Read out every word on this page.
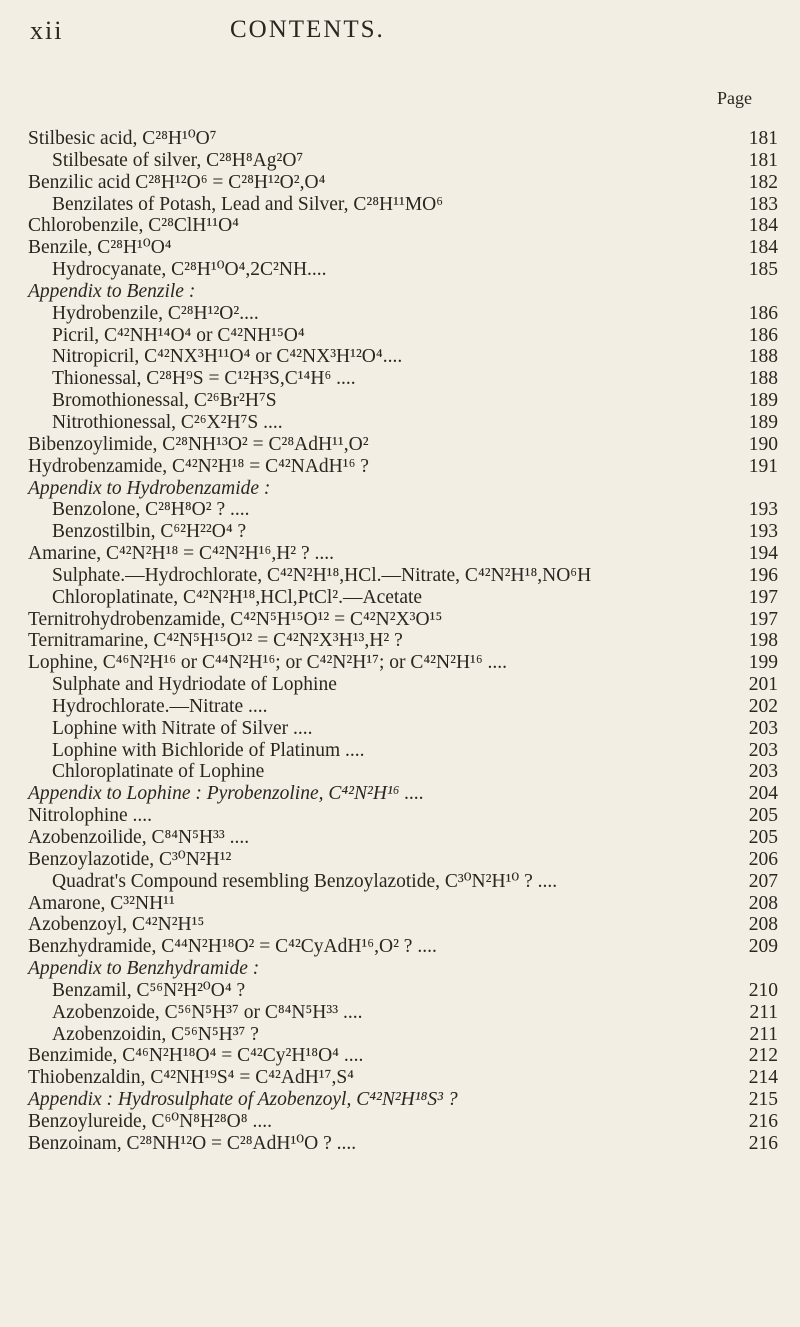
xii	CONTENTS.
Page
Stilbesic acid, C²⁸H¹⁰O⁷	181
Stilbesate of silver, C²⁸H⁸Ag²O⁷	181
Benzilic acid C²⁸H¹²O⁶ = C²⁸H¹²O²,O⁴	182
Benzilates of Potash, Lead and Silver, C²⁸H¹¹MO⁶	183
Chlorobenzile, C²⁸ClH¹¹O⁴	184
Benzile, C²⁸H¹⁰O⁴	184
Hydrocyanate, C²⁸H¹⁰O⁴,2C²NH....	185
Appendix to Benzile :
Hydrobenzile, C²⁸H¹²O²....	186
Picril, C⁴²NH¹⁴O⁴ or C⁴²NH¹⁵O⁴	186
Nitropicril, C⁴²NX³H¹¹O⁴ or C⁴²NX³H¹²O⁴....	188
Thionessal, C²⁸H⁹S = C¹²H³S,C¹⁴H⁶ ....	188
Bromothionessal, C²⁶Br²H⁷S	189
Nitrothionessal, C²⁶X²H⁷S ....	189
Bibenzoylimide, C²⁸NH¹³O² = C²⁸AdH¹¹,O²	190
Hydrobenzamide, C⁴²N²H¹⁸ = C⁴²NAdH¹⁶ ?	191
Appendix to Hydrobenzamide :
Benzolone, C²⁸H⁸O² ? ....	193
Benzostilbin, C⁶²H²²O⁴ ?	193
Amarine, C⁴²N²H¹⁸ = C⁴²N²H¹⁶,H² ? ....	194
Sulphate.—Hydrochlorate, C⁴²N²H¹⁸,HCl.—Nitrate, C⁴²N²H¹⁸,NO⁶H	196
Chloroplatinate, C⁴²N²H¹⁸,HCl,PtCl².—Acetate	197
Ternitrohydrobenzamide, C⁴²N⁵H¹⁵O¹² = C⁴²N²X³O¹⁵	197
Ternitramarine, C⁴²N⁵H¹⁵O¹² = C⁴²N²X³H¹³,H² ?	198
Lophine, C⁴⁶N²H¹⁶ or C⁴⁴N²H¹⁶; or C⁴²N²H¹⁷; or C⁴²N²H¹⁶ ....	199
Sulphate and Hydriodate of Lophine	201
Hydrochlorate.—Nitrate ....	202
Lophine with Nitrate of Silver ....	203
Lophine with Bichloride of Platinum ....	203
Chloroplatinate of Lophine	203
Appendix to Lophine : Pyrobenzoline, C⁴²N²H¹⁶ ....	204
Nitrolophine ....	205
Azobenzoilide, C⁸⁴N⁵H³³ ....	205
Benzoylazotide, C³⁰N²H¹²	206
Quadrat's Compound resembling Benzoylazotide, C³⁰N²H¹⁰ ? ....	207
Amarone, C³²NH¹¹	208
Azobenzoyl, C⁴²N²H¹⁵	208
Benzhydramide, C⁴⁴N²H¹⁸O² = C⁴²CyAdH¹⁶,O² ? ....	209
Appendix to Benzhydramide :
Benzamil, C⁵⁶N²H²⁰O⁴ ?	210
Azobenzoide, C⁵⁶N⁵H³⁷ or C⁸⁴N⁵H³³ ....	211
Azobenzoidin, C⁵⁶N⁵H³⁷ ?	211
Benzimide, C⁴⁶N²H¹⁸O⁴ = C⁴²Cy²H¹⁸O⁴ ....	212
Thiobenzaldin, C⁴²NH¹⁹S⁴ = C⁴²AdH¹⁷,S⁴	214
Appendix : Hydrosulphate of Azobenzoyl, C⁴²N²H¹⁸S³ ?	215
Benzoylureide, C⁶⁰N⁸H²⁸O⁸ ....	216
Benzoinam, C²⁸NH¹²O = C²⁸AdH¹⁰O ? ....	216
